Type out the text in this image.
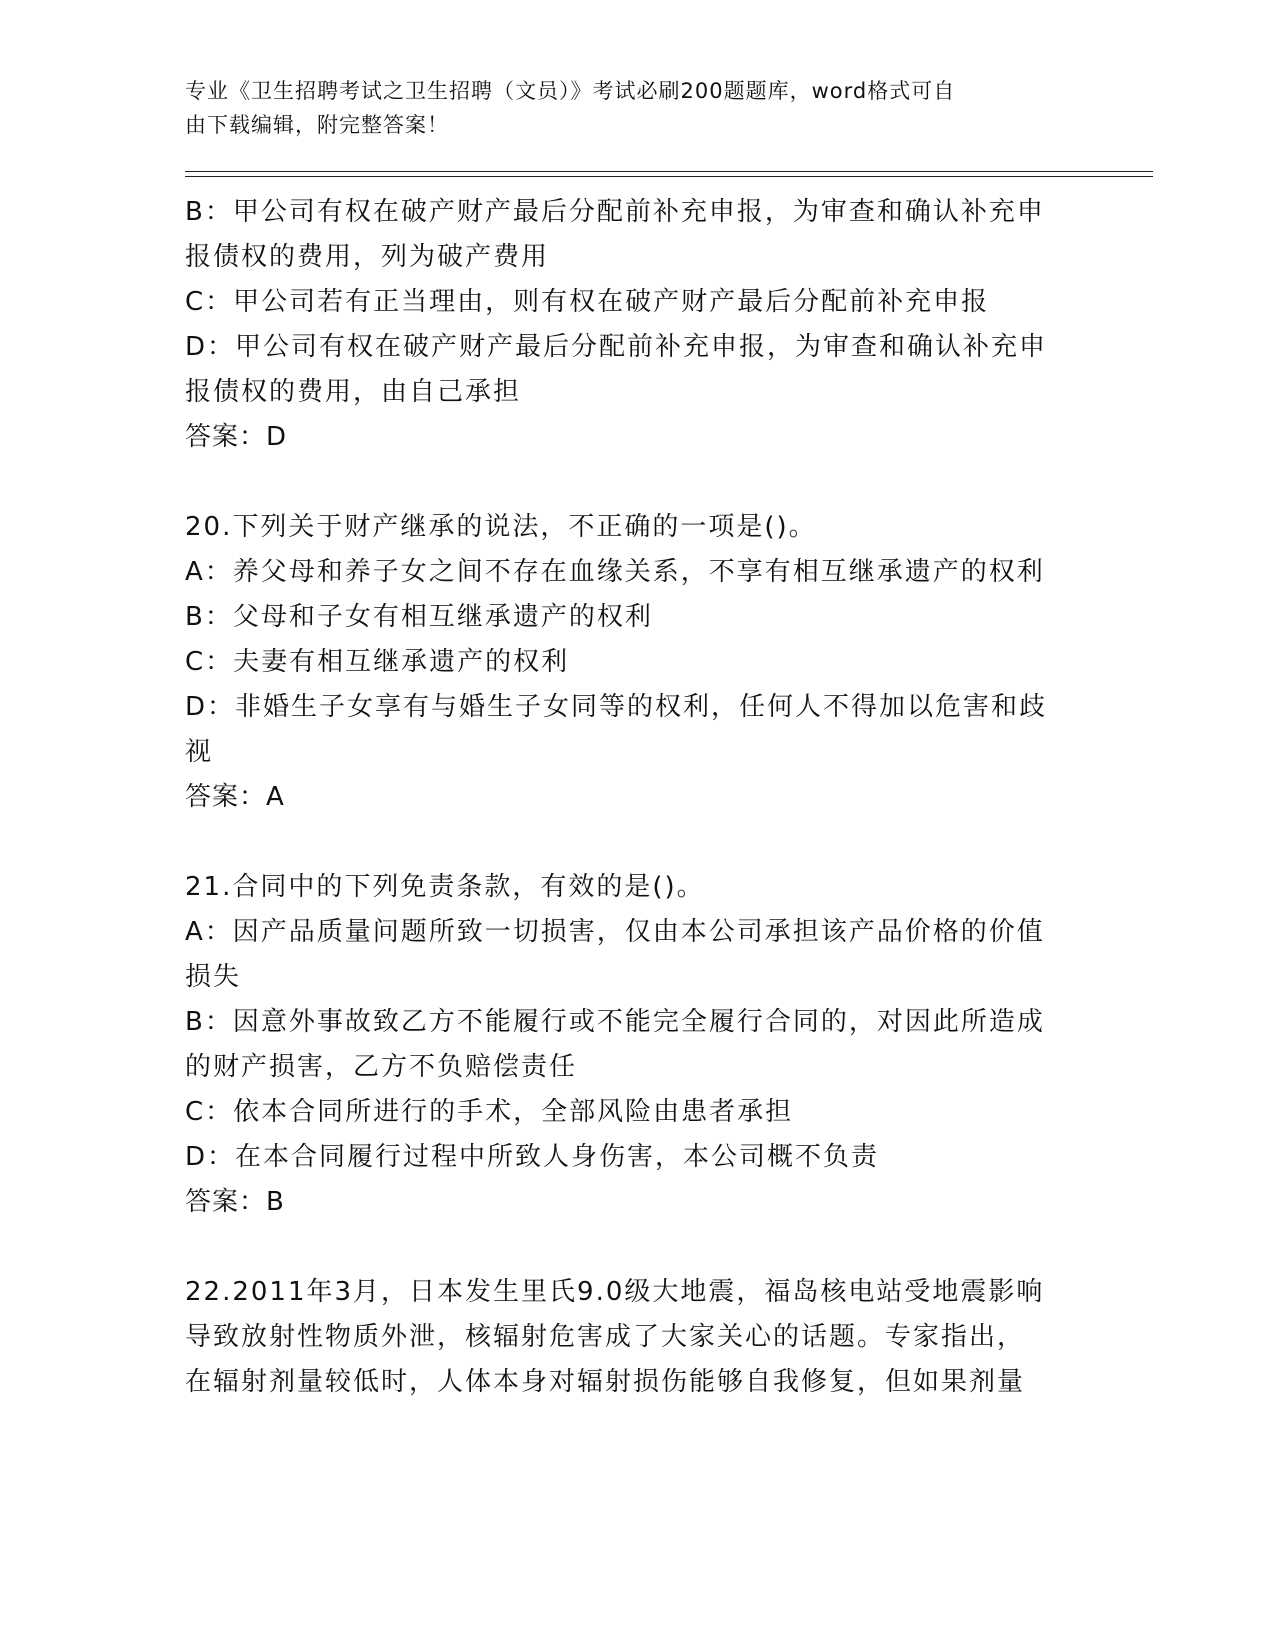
专业《卫生招聘考试之卫生招聘（文员）》考试必刷200题题库，word格式可自
由下载编辑，附完整答案！
B：甲公司有权在破产财产最后分配前补充申报，为审查和确认补充申
报债权的费用，列为破产费用
C：甲公司若有正当理由，则有权在破产财产最后分配前补充申报
D：甲公司有权在破产财产最后分配前补充申报，为审查和确认补充申
报债权的费用，由自己承担
答案：D
20.下列关于财产继承的说法，不正确的一项是()。
A：养父母和养子女之间不存在血缘关系，不享有相互继承遗产的权利
B：父母和子女有相互继承遗产的权利
C：夫妻有相互继承遗产的权利
D：非婚生子女享有与婚生子女同等的权利，任何人不得加以危害和歧
视
答案：A
21.合同中的下列免责条款，有效的是()。
A：因产品质量问题所致一切损害，仅由本公司承担该产品价格的价值
损失
B：因意外事故致乙方不能履行或不能完全履行合同的，对因此所造成
的财产损害，乙方不负赔偿责任
C：依本合同所进行的手术，全部风险由患者承担
D：在本合同履行过程中所致人身伤害，本公司概不负责
答案：B
22.2011年3月，日本发生里氏9.0级大地震，福岛核电站受地震影响
导致放射性物质外泄，核辐射危害成了大家关心的话题。专家指出，
在辐射剂量较低时，人体本身对辐射损伤能够自我修复，但如果剂量
